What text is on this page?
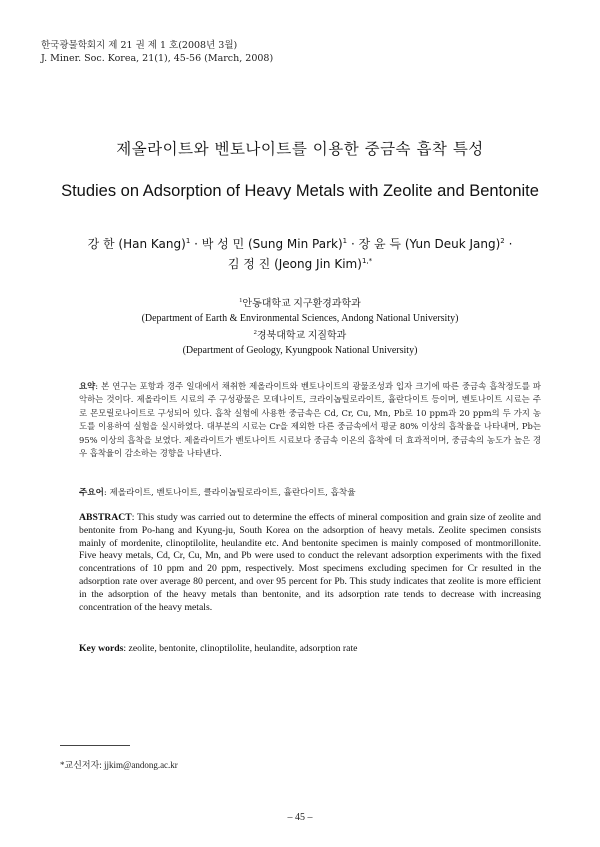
한국광물학회지 제 21 권 제 1 호(2008년 3월)
J. Miner. Soc. Korea, 21(1), 45-56 (March, 2008)
제올라이트와 벤토나이트를 이용한 중금속 흡착 특성
Studies on Adsorption of Heavy Metals with Zeolite and Bentonite
강 한 (Han Kang)$^1$ · 박 성 민 (Sung Min Park)$^1$ · 장 윤 득 (Yun Deuk Jang)$^2$ ·
김 정 진 (Jeong Jin Kim)$^{1,*}$
$^1$안동대학교 지구환경과학과
(Department of Earth & Environmental Sciences, Andong National University)
$^2$경북대학교 지질학과
(Department of Geology, Kyungpook National University)
요약: 본 연구는 포항과 경주 일대에서 채취한 제올라이트와 벤토나이트의 광물조성과 입자 크기에 따른 중금속 흡착정도를 파악하는 것이다. 제올라이트 시료의 주 구성광물은 모데나이트, 크라이놉틸로라이트, 휼란다이트 등이며, 벤토나이트 시료는 주로 몬모릴로나이트로 구성되어 있다. 흡착 실험에 사용한 중금속은 Cd, Cr, Cu, Mn, Pb로 10 ppm과 20 ppm의 두 가지 농도를 이용하여 실험을 실시하였다. 대부분의 시료는 Cr을 제외한 다른 중금속에서 평균 80% 이상의 흡착율을 나타내며, Pb는 95% 이상의 흡착을 보였다. 제올라이트가 벤토나이트 시료보다 중금속 이온의 흡착에 더 효과적이며, 중금속의 농도가 높은 경우 흡착율이 감소하는 경향을 나타낸다.
주요어: 제올라이트, 벤토나이트, 클라이놉틸로라이트, 휼란다이트, 흡착율
ABSTRACT: This study was carried out to determine the effects of mineral composition and grain size of zeolite and bentonite from Po-hang and Kyung-ju, South Korea on the adsorption of heavy metals. Zeolite specimen consists mainly of mordenite, clinoptilolite, heulandite etc. And bentonite specimen is mainly composed of montmorillonite. Five heavy metals, Cd, Cr, Cu, Mn, and Pb were used to conduct the relevant adsorption experiments with the fixed concentrations of 10 ppm and 20 ppm, respectively. Most specimens excluding specimen for Cr resulted in the adsorption rate over average 80 percent, and over 95 percent for Pb. This study indicates that zeolite is more efficient in the adsorption of the heavy metals than bentonite, and its adsorption rate tends to decrease with increasing concentration of the heavy metals.
Key words: zeolite, bentonite, clinoptilolite, heulandite, adsorption rate
*교신저자: jjkim@andong.ac.kr
– 45 –
